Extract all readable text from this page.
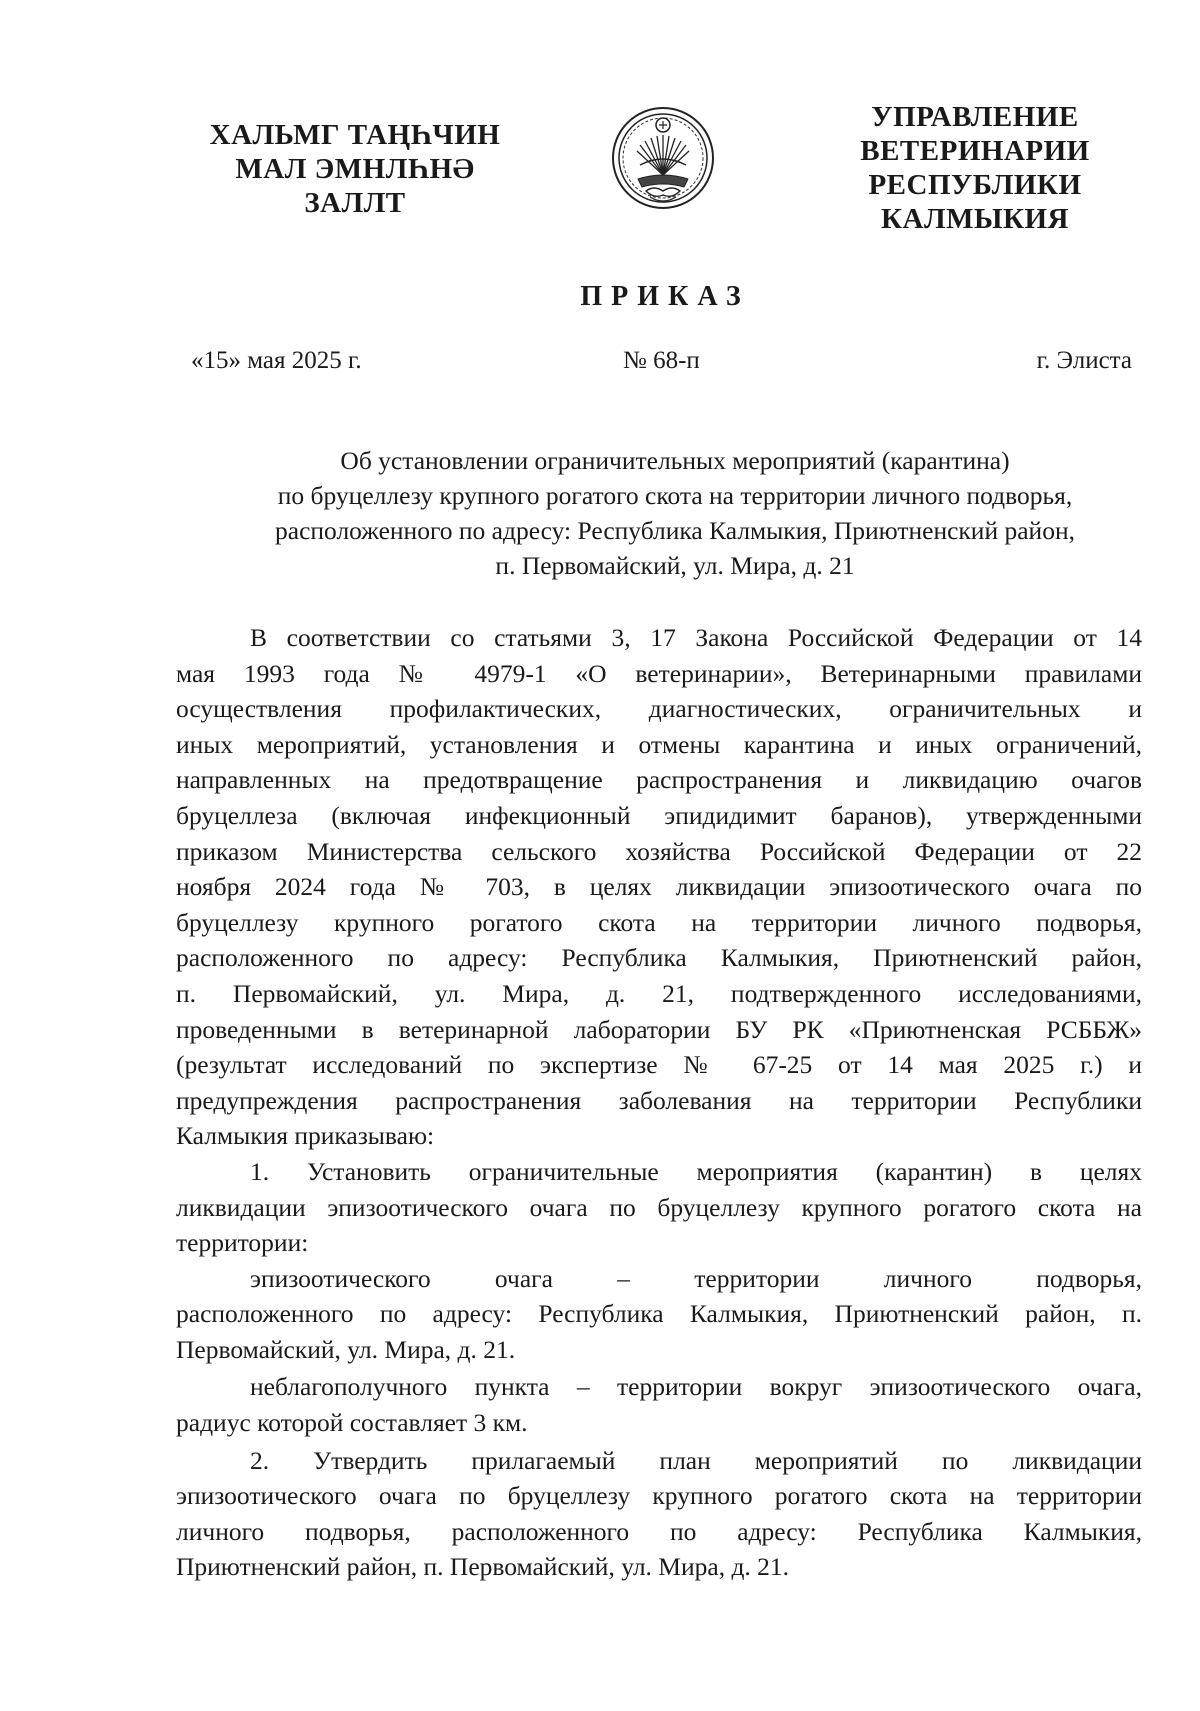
ХАЛЬМГ ТАҢҺЧИН
МАЛ ЭМНЛҺНӘ
ЗАЛЛТ
УПРАВЛЕНИЕ
ВЕТЕРИНАРИИ
РЕСПУБЛИКИ
КАЛМЫКИЯ
ПРИКАЗ
«15» мая 2025 г.	№ 68-п	г. Элиста
Об установлении ограничительных мероприятий (карантина)
по бруцеллезу крупного рогатого скота на территории личного подворья,
расположенного по адресу: Республика Калмыкия, Приютненский район,
п. Первомайский, ул. Мира, д. 21
В соответствии со статьями 3, 17 Закона Российской Федерации от 14
мая 1993 года № 4979-1 «О ветеринарии», Ветеринарными правилами
осуществления профилактических, диагностических, ограничительных и
иных мероприятий, установления и отмены карантина и иных ограничений,
направленных на предотвращение распространения и ликвидацию очагов
бруцеллеза (включая инфекционный эпидидимит баранов), утвержденными
приказом Министерства сельского хозяйства Российской Федерации от 22
ноября 2024 года № 703, в целях ликвидации эпизоотического очага по
бруцеллезу крупного рогатого скота на территории личного подворья,
расположенного по адресу: Республика Калмыкия, Приютненский район,
п. Первомайский, ул. Мира, д. 21, подтвержденного исследованиями,
проведенными в ветеринарной лаборатории БУ РК «Приютненская РСББЖ»
(результат исследований по экспертизе № 67-25 от 14 мая 2025 г.) и
предупреждения распространения заболевания на территории Республики
Калмыкия приказываю:
1. Установить ограничительные мероприятия (карантин) в целях
ликвидации эпизоотического очага по бруцеллезу крупного рогатого скота на
территории:
эпизоотического очага – территории личного подворья,
расположенного по адресу: Республика Калмыкия, Приютненский район, п.
Первомайский, ул. Мира, д. 21.
неблагополучного пункта – территории вокруг эпизоотического очага,
радиус которой составляет 3 км.
2. Утвердить прилагаемый план мероприятий по ликвидации
эпизоотического очага по бруцеллезу крупного рогатого скота на территории
личного подворья, расположенного по адресу: Республика Калмыкия,
Приютненский район, п. Первомайский, ул. Мира, д. 21.
